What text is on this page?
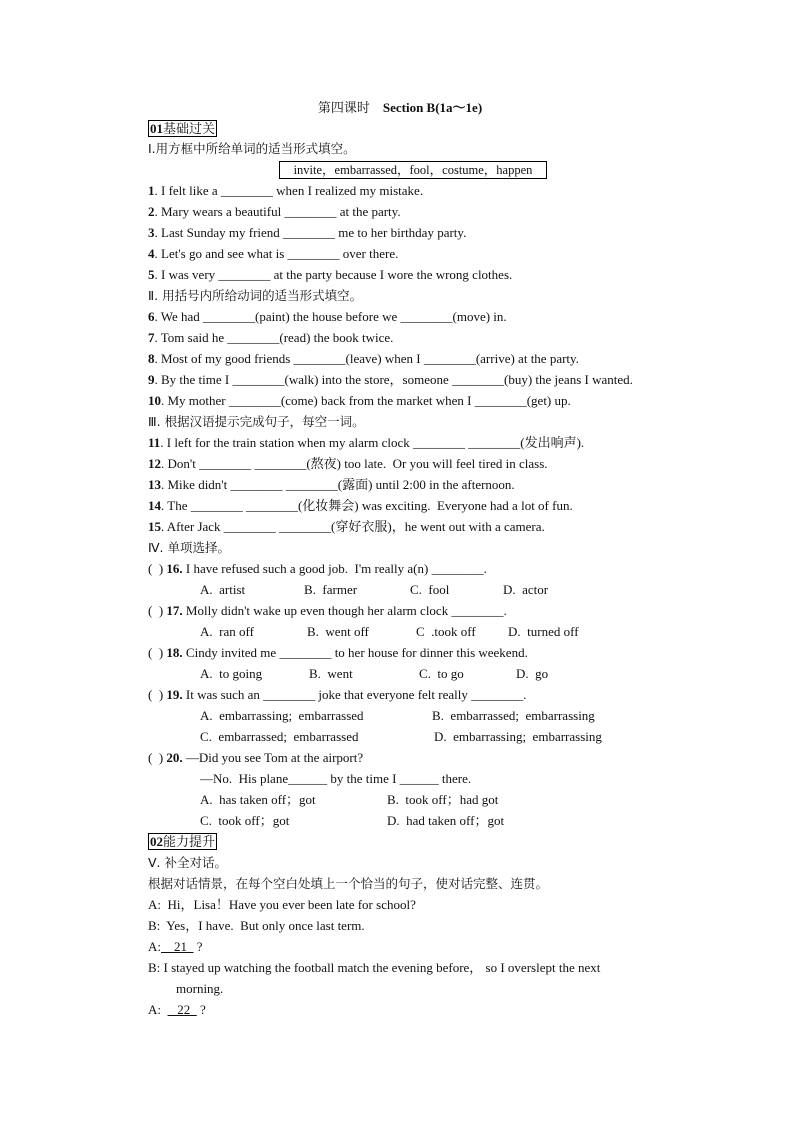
第四课时 Section B(1a～1e)
01基础过关
Ⅰ.用方框中所给单词的适当形式填空。
invite，embarrassed，fool，costume，happen
1. I felt like a ________ when I realized my mistake.
2. Mary wears a beautiful ________ at the party.
3. Last Sunday my friend ________ me to her birthday party.
4. Let's go and see what is ________ over there.
5. I was very ________ at the party because I wore the wrong clothes.
Ⅱ. 用括号内所给动词的适当形式填空。
6. We had ________(paint) the house before we ________(move) in.
7. Tom said he ________(read) the book twice.
8. Most of my good friends ________(leave) when I ________(arrive) at the party.
9. By the time I ________(walk) into the store，someone ________(buy) the jeans I wanted.
10. My mother ________(come) back from the market when I ________(get) up.
Ⅲ. 根据汉语提示完成句子，每空一词。
11. I left for the train station when my alarm clock ________ ________(发出响声).
12. Don't ________ ________(熬夜) too late.  Or you will feel tired in class.
13. Mike didn't ________ ________(露面) until 2:00 in the afternoon.
14. The ________ ________(化妆舞会) was exciting.  Everyone had a lot of fun.
15. After Jack ________ ________(穿好衣服)，he went out with a camera.
Ⅳ. 单项选择。
(  ) 16. I have refused such a good job.  I'm really a(n) ________.
A.  artist	B.  farmer	C.  fool	D.  actor
(  ) 17. Molly didn't wake up even though her alarm clock ________.
A.  ran off	B.  went off	C  .took off D.  turned off
(  ) 18. Cindy invited me ________ to her house for dinner this weekend.
A.  to going	B.  went	C.  to go	D.  go
(  ) 19. It was such an ________ joke that everyone felt really ________.
A.  embarrassing;  embarrassed	B.  embarrassed;  embarrassing
C.  embarrassed;  embarrassed	D.  embarrassing;  embarrassing
(  ) 20. —Did you see Tom at the airport?
—No.  His plane______ by the time I ______ there.
A.  has taken off；got	B.  took off；had got
C.  took off；got	D.  had taken off；got
02能力提升
Ⅴ. 补全对话。
根据对话情景，在每个空白处填上一个恰当的句子，使对话完整、连贯。
A:  Hi，Lisa！Have you ever been late for school?
B:  Yes，I have.  But only once last term.
A:    21   ?
B: I stayed up watching the football match the evening before， so I overslept the next
morning.
A:     22   ?
